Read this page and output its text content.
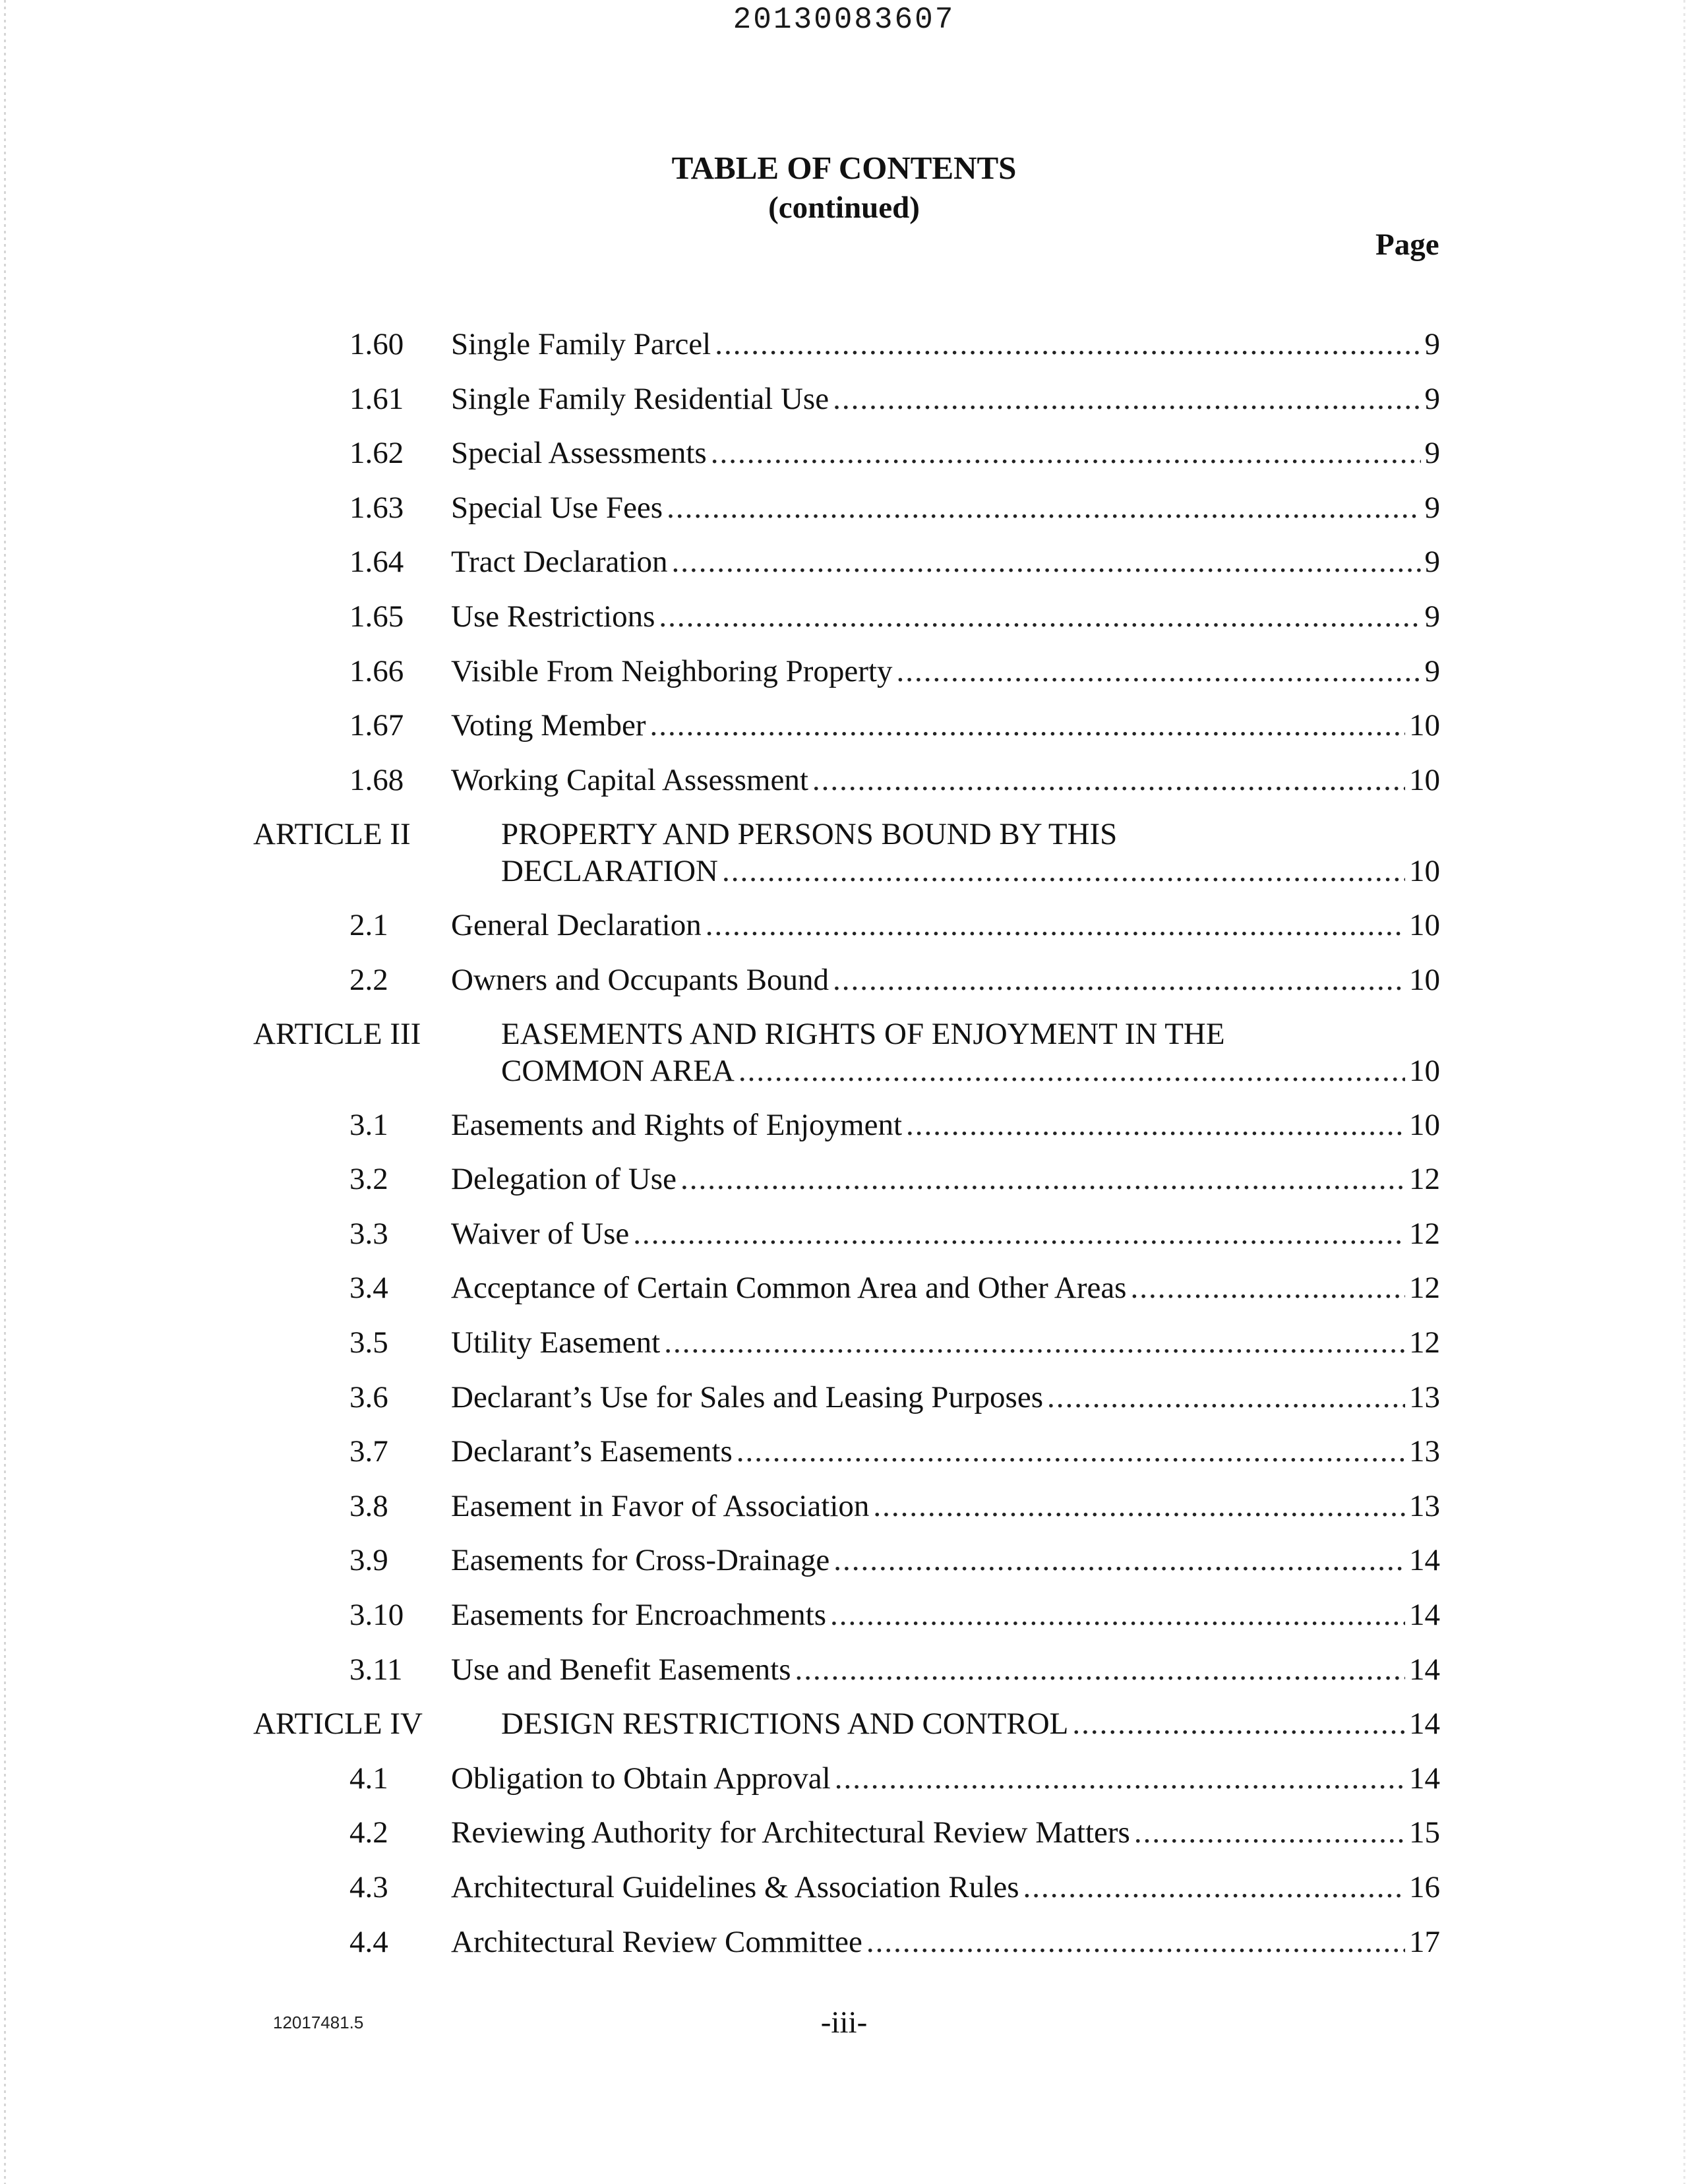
20130083607
TABLE OF CONTENTS
(continued)
Page
1.60 Single Family Parcel .....	9
1.61 Single Family Residential Use .....	9
1.62 Special Assessments .....	9
1.63 Special Use Fees .....	9
1.64 Tract Declaration .....	9
1.65 Use Restrictions .....	9
1.66 Visible From Neighboring Property .....	9
1.67 Voting Member .....	10
1.68 Working Capital Assessment .....	10
ARTICLE II	PROPERTY AND PERSONS BOUND BY THIS
DECLARATION .....	10
2.1 General Declaration .....	10
2.2 Owners and Occupants Bound .....	10
ARTICLE III	EASEMENTS AND RIGHTS OF ENJOYMENT IN THE
COMMON AREA .....	10
3.1 Easements and Rights of Enjoyment .....	10
3.2 Delegation of Use .....	12
3.3 Waiver of Use .....	12
3.4 Acceptance of Certain Common Area and Other Areas .....	12
3.5 Utility Easement .....	12
3.6 Declarant’s Use for Sales and Leasing Purposes .....	13
3.7 Declarant’s Easements .....	13
3.8 Easement in Favor of Association .....	13
3.9 Easements for Cross-Drainage .....	14
3.10 Easements for Encroachments .....	14
3.11 Use and Benefit Easements .....	14
ARTICLE IV	DESIGN RESTRICTIONS AND CONTROL .....	14
4.1 Obligation to Obtain Approval .....	14
4.2 Reviewing Authority for Architectural Review Matters .....	15
4.3 Architectural Guidelines & Association Rules .....	16
4.4 Architectural Review Committee .....	17
12017481.5	-iii-
